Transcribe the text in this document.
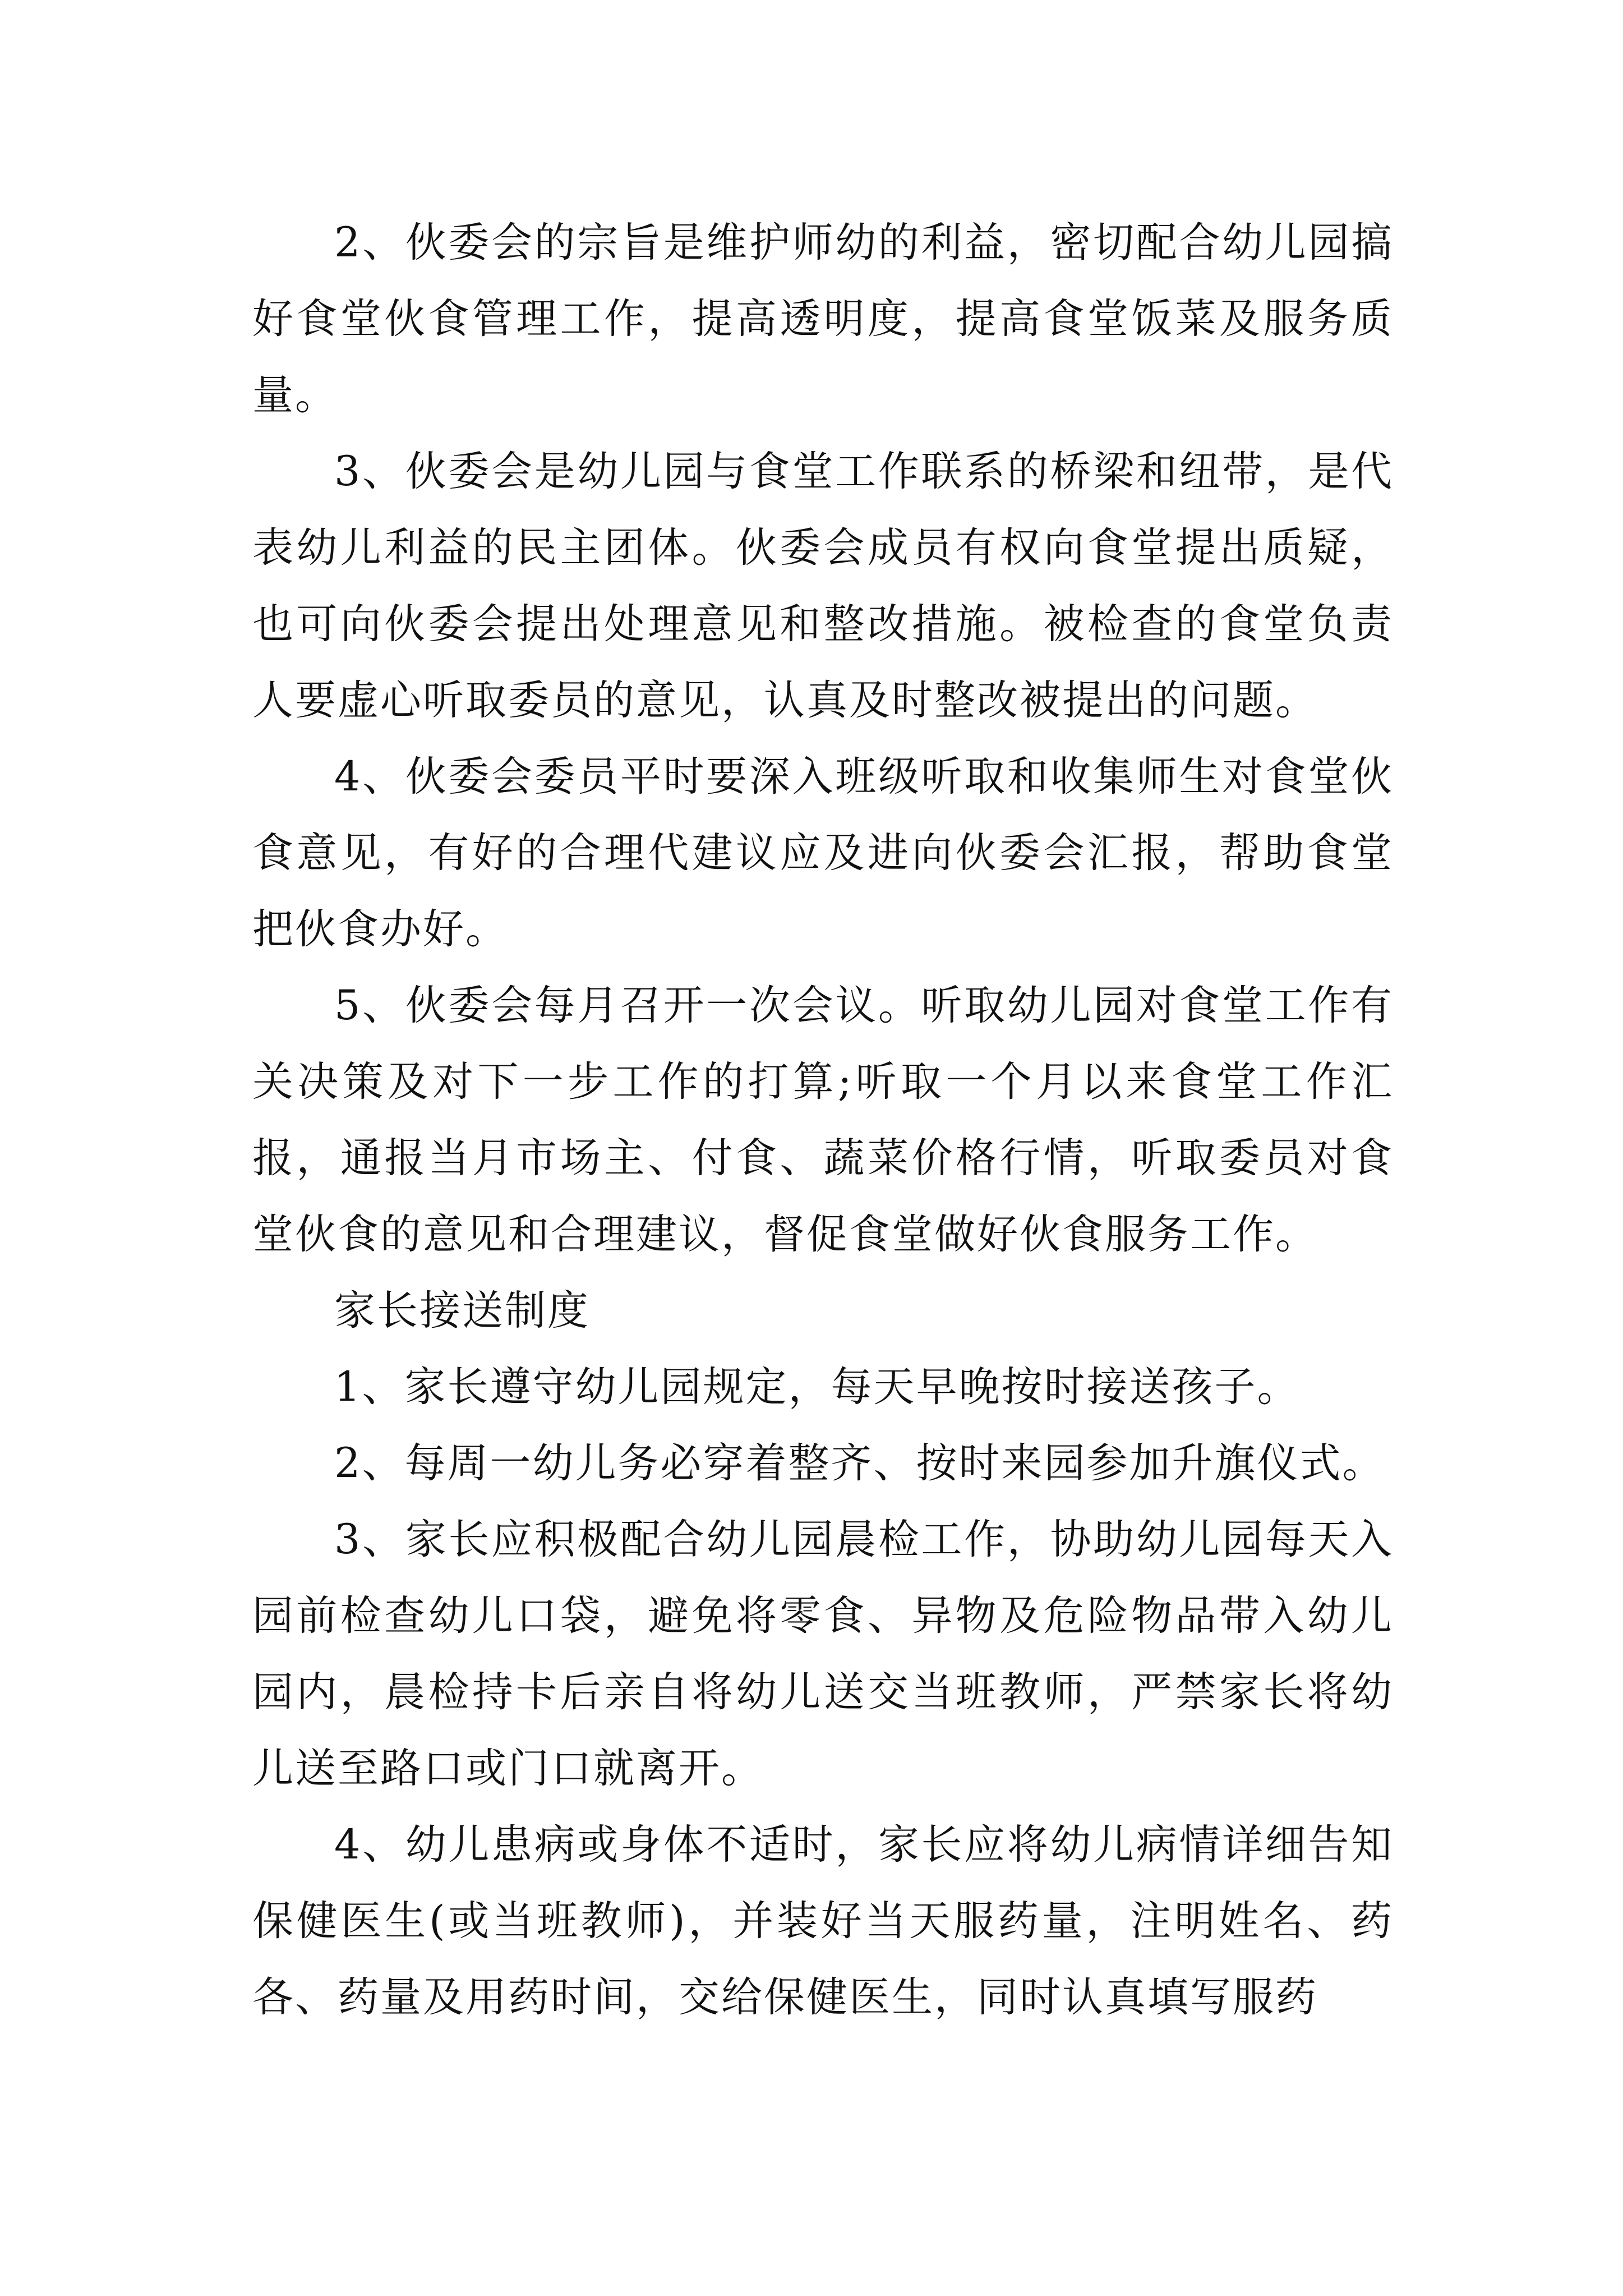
2、伙委会的宗旨是维护师幼的利益，密切配合幼儿园搞好食堂伙食管理工作，提高透明度，提高食堂饭菜及服务质量。

3、伙委会是幼儿园与食堂工作联系的桥梁和纽带，是代表幼儿利益的民主团体。伙委会成员有权向食堂提出质疑，也可向伙委会提出处理意见和整改措施。被检查的食堂负责人要虚心听取委员的意见，认真及时整改被提出的问题。

4、伙委会委员平时要深入班级听取和收集师生对食堂伙食意见，有好的合理代建议应及进向伙委会汇报，帮助食堂把伙食办好。

5、伙委会每月召开一次会议。听取幼儿园对食堂工作有关决策及对下一步工作的打算;听取一个月以来食堂工作汇报，通报当月市场主、付食、蔬菜价格行情，听取委员对食堂伙食的意见和合理建议，督促食堂做好伙食服务工作。

家长接送制度

1、家长遵守幼儿园规定，每天早晚按时接送孩子。

2、每周一幼儿务必穿着整齐、按时来园参加升旗仪式。

3、家长应积极配合幼儿园晨检工作，协助幼儿园每天入园前检查幼儿口袋，避免将零食、异物及危险物品带入幼儿园内，晨检持卡后亲自将幼儿送交当班教师，严禁家长将幼儿送至路口或门口就离开。

4、幼儿患病或身体不适时，家长应将幼儿病情详细告知保健医生(或当班教师)，并装好当天服药量，注明姓名、药各、药量及用药时间，交给保健医生，同时认真填写服药
